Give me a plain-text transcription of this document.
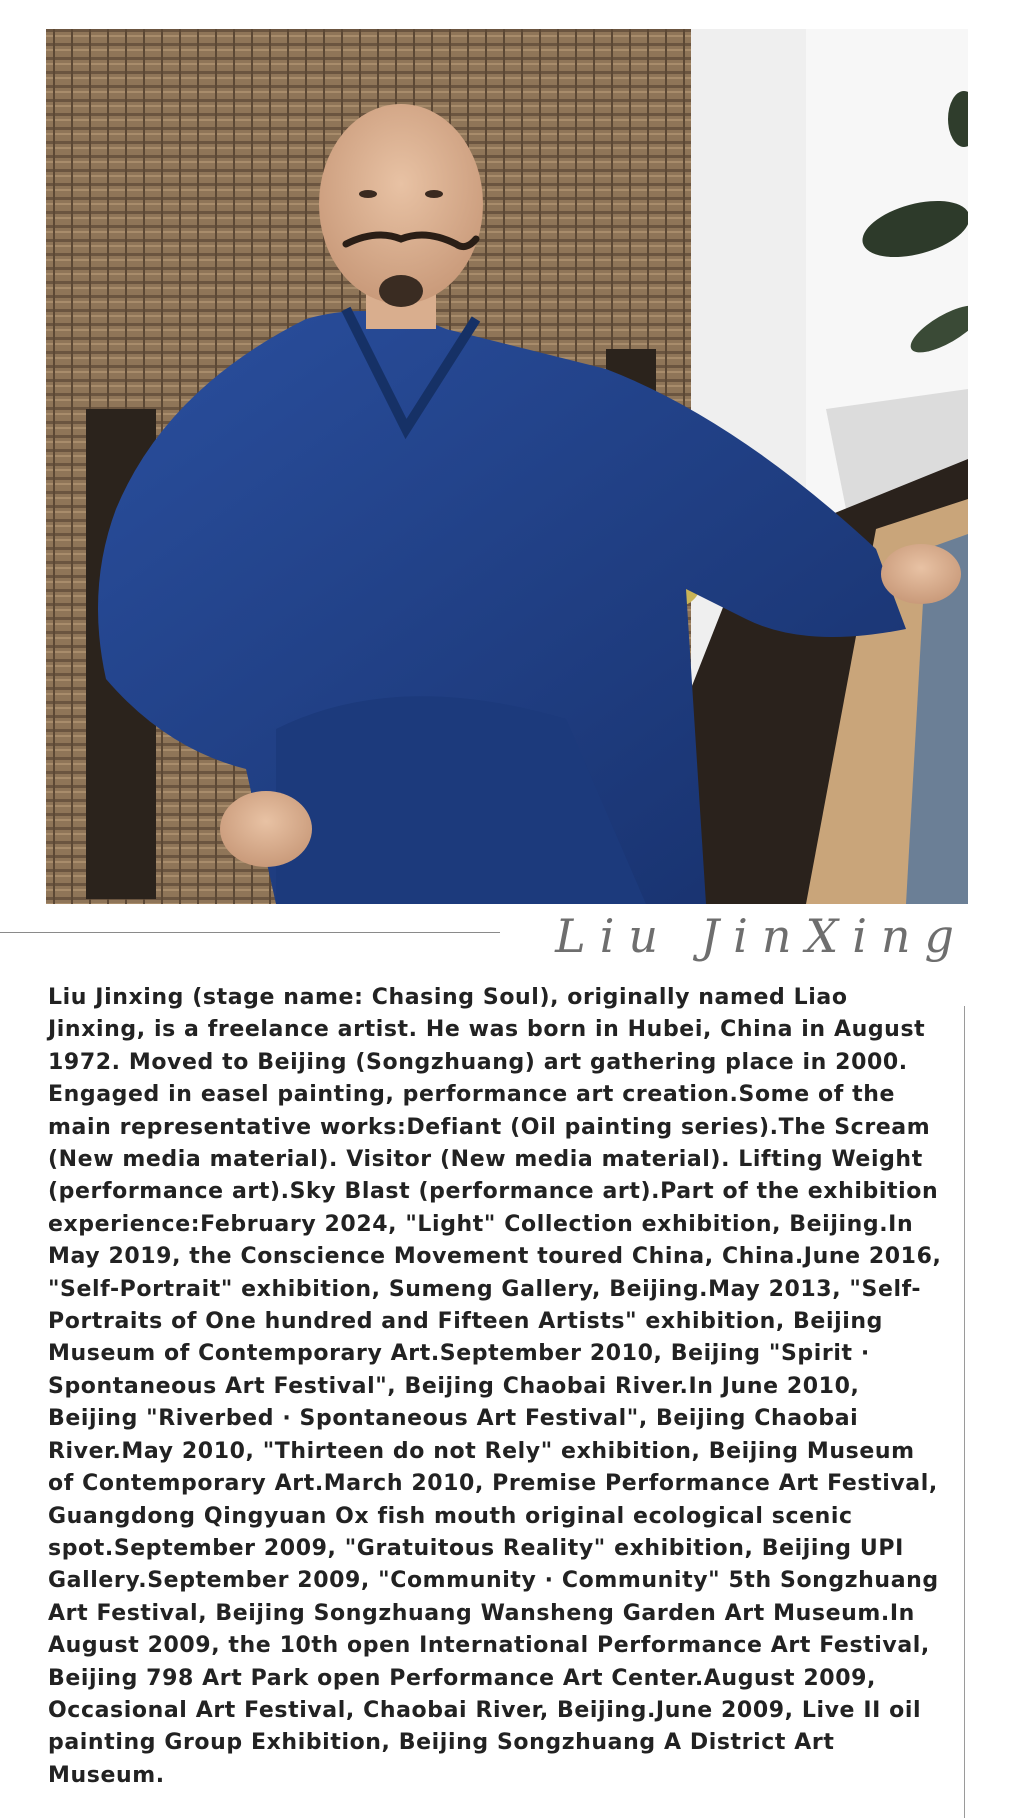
Liu JinXing

Liu Jinxing (stage name: Chasing Soul), originally named Liao Jinxing, is a freelance artist. He was born in Hubei, China in August 1972. Moved to Beijing (Songzhuang) art gathering place in 2000. Engaged in easel painting, performance art creation.Some of the main representative works:Defiant (Oil painting series).The Scream (New media material). Visitor (New media material). Lifting Weight (performance art).Sky Blast (performance art).Part of the exhibition experience:February 2024, "Light" Collection exhibition, Beijing.In May 2019, the Conscience Movement toured China, China.June 2016, "Self-Portrait" exhibition, Sumeng Gallery, Beijing.May 2013, "Self-Portraits of One hundred and Fifteen Artists" exhibition, Beijing Museum of Contemporary Art.September 2010, Beijing "Spirit · Spontaneous Art Festival", Beijing Chaobai River.In June 2010, Beijing "Riverbed · Spontaneous Art Festival", Beijing Chaobai River.May 2010, "Thirteen do not Rely" exhibition, Beijing Museum of Contemporary Art.March 2010, Premise Performance Art Festival, Guangdong Qingyuan Ox fish mouth original ecological scenic spot.September 2009, "Gratuitous Reality" exhibition, Beijing UPI Gallery.September 2009, "Community · Community" 5th Songzhuang Art Festival, Beijing Songzhuang Wansheng Garden Art Museum.In August 2009, the 10th open International Performance Art Festival, Beijing 798 Art Park open Performance Art Center.August 2009, Occasional Art Festival, Chaobai River, Beijing.June 2009, Live II oil painting Group Exhibition, Beijing Songzhuang A District Art Museum.
